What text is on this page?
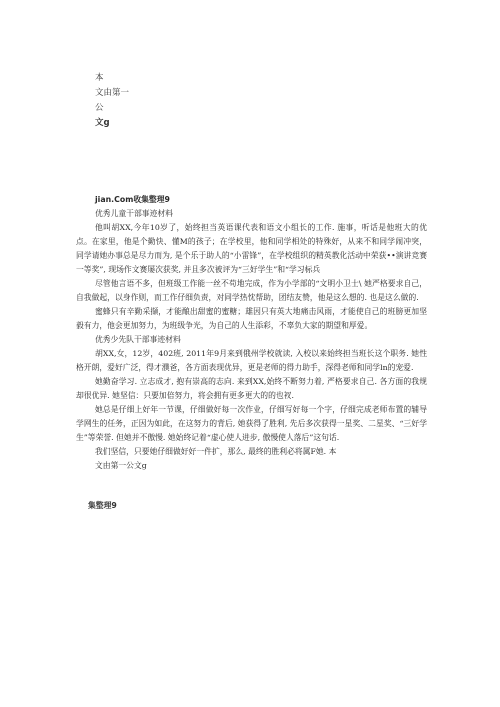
本
文由第一
公
文g

jian.Com收集整理9

优秀儿童干部事迹材料

他叫胡XX,今年10岁了，始终担当英语课代表和语文小组长的工作. 施事，听话是他班大的优点。在家里，他是个勤快、懂M的孩子；在学校里，他和同学相处的特殊好，从来不和同学闹冲突，同学请她办事总是尽力而为, 是个乐于助人的“小雷锋”，在学校组织的精英教化活动中荣获••演讲竞赛一等奖”, 现场作文赛屡次获奖, 并且多次被评为“三好学生”和“学习标兵

尽管他言语不多，但班级工作能一丝不苟地完成，作为小学部的“文明小卫士\ 她严格要求自己，自我做起，以身作则，而工作仔细负责，对同学热忱帮助，团结友赞，他是这么想的. 也是这么做的.

蜜蜂只有辛勤采撷，才能酿出甜蜜的蜜糖；雄因只有英大地痛击风雨，才能使自己的班膀更加坚毅有力，他会更加努力，为班级争光，为自己的人生添彩，不辜负大家的期望和厚爱。

优秀少先队干部事迹材料

胡XX,女，12岁，402班, 2011年9月来到俄州学校就读, 入校以来始终担当班长这个职务. 她性格开朗，爱好广泛，得才濮爸，各方面表现优异，更是老师的得力助手，深得老师和同学ln的宠爱.

她勤奋学习. 立志成才, 抱有崇高的志向. 来到XX,始终不断努力着, 严格要求自己. 各方面的我规却很优异. 她坚信：只要加倍努力，将会拥有更多更大的的也衩.

她总是仔细上好年一节课，仔细做好每一次作业，仔细写好每一个字，仔细完成老师布置的辅导学网生的任务，正因为如此，在这努力的背后, 她获得了胜利, 先后多次获得一星奖、二星奖、“三好学生”等荣誉. 但她并不傲慢. 她始终记着“虚心使人进步, 傲慢使人落后”这句话.

我们坚信，只要她仔细做好好一件扩，那么, 最终的胜利必将属F她. 本

文由第一公文g

集整理9
